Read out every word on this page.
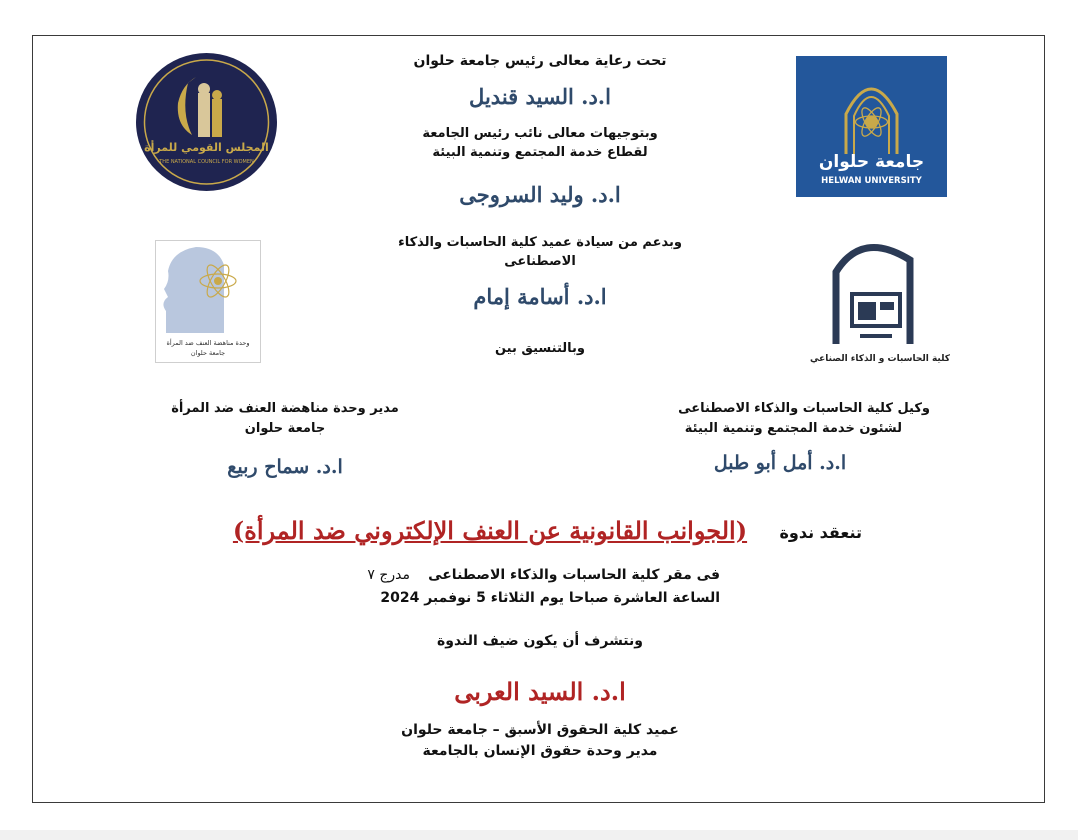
جامعة حلوان
HELWAN UNIVERSITY
المجلس القومي للمرأة
THE NATIONAL COUNCIL FOR WOMEN
وحدة مناهضة العنف ضد المرأة
جامعة حلوان
كلية الحاسبات و الذكاء الصناعي
تحت رعاية معالى رئيس جامعة حلوان
ا.د. السيد قنديل
وبتوجيهات معالى نائب رئيس الجامعة
لقطاع خدمة المجتمع وتنمية البيئة
ا.د. وليد السروجى
وبدعم من سيادة عميد كلية الحاسبات والذكاء
الاصطناعى
ا.د. أسامة إمام
وبالتنسيق بين
وكيل كلية الحاسبات والذكاء الاصطناعى
لشئون خدمة المجتمع وتنمية البيئة
ا.د. أمل أبو طبل
مدير وحدة مناهضة العنف ضد المرأة
جامعة حلوان
ا.د. سماح ربيع
تنعقد ندوة
(الجوانب القانونية عن العنف الإلكتروني ضد المرأة)
فى مقر كلية الحاسبات والذكاء الاصطناعى
مدرج ٧
الساعة العاشرة صباحا يوم الثلاثاء 5 نوفمبر 2024
ونتشرف أن يكون ضيف الندوة
ا.د. السيد العربى
عميد كلية الحقوق الأسبق – جامعة حلوان
مدير وحدة حقوق الإنسان بالجامعة
